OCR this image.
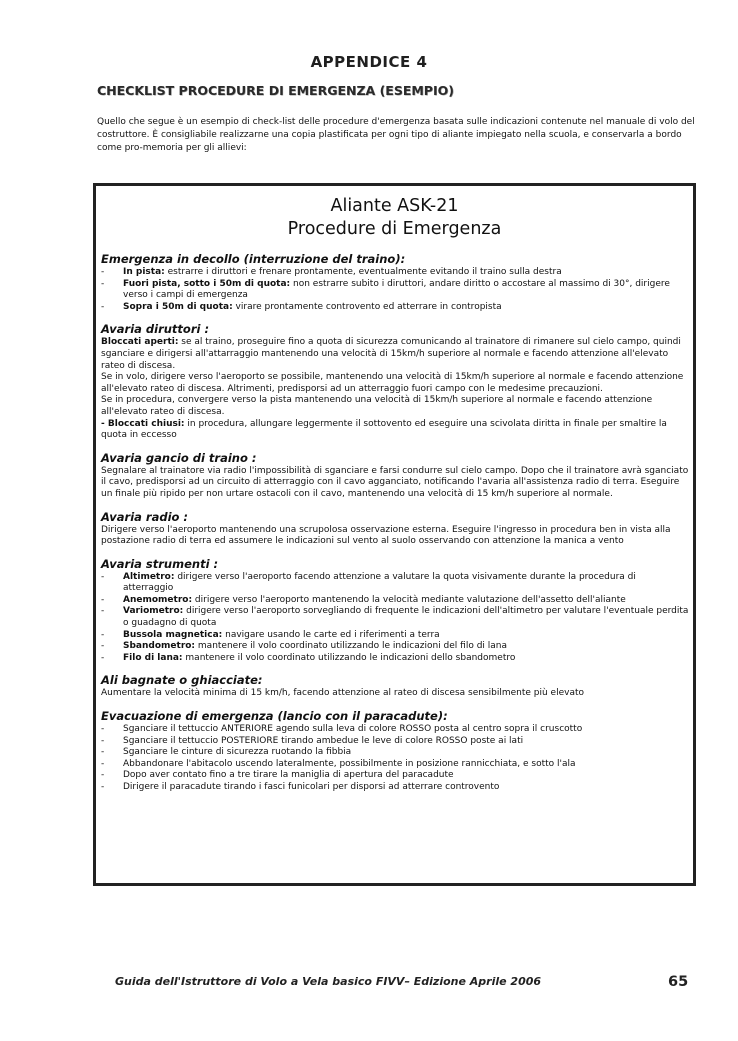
APPENDICE 4
CHECKLIST PROCEDURE DI EMERGENZA (ESEMPIO)
Quello che segue è un esempio di check-list delle procedure d'emergenza basata sulle indicazioni contenute nel manuale di volo del costruttore. È consigliabile realizzarne una copia plastificata per ogni tipo di aliante impiegato nella scuola, e conservarla a bordo come pro-memoria per gli allievi:
Aliante ASK-21
Procedure di Emergenza
Emergenza in decollo (interruzione del traino):
-	In pista: estrarre i diruttori e frenare prontamente, eventualmente evitando il traino sulla destra
-	Fuori pista, sotto i 50m di quota: non estrarre subito i diruttori, andare diritto o accostare al massimo di 30°, dirigere verso i campi di emergenza
-	Sopra i 50m di quota: virare prontamente controvento ed atterrare in contropista
Avaria diruttori :

Bloccati aperti: se al traino, proseguire fino a quota di sicurezza comunicando al trainatore di rimanere sul cielo campo, quindi sganciare e dirigersi all'attarraggio mantenendo una velocità di 15km/h superiore al normale e facendo attenzione all'elevato rateo di discesa.

Se in volo, dirigere verso l'aeroporto se possibile, mantenendo una velocità di 15km/h superiore al normale e facendo attenzione all'elevato rateo di discesa. Altrimenti, predisporsi ad un atterraggio fuori campo con le medesime precauzioni.

Se in procedura, convergere verso la pista mantenendo una velocità di 15km/h superiore al normale e facendo attenzione all'elevato rateo di discesa.

- Bloccati chiusi: in procedura, allungare leggermente il sottovento ed eseguire una scivolata diritta in finale per smaltire la quota in eccesso

Avaria gancio di traino :

Segnalare al trainatore via radio l'impossibilità di sganciare e farsi condurre sul cielo campo. Dopo che il trainatore avrà sganciato il cavo, predisporsi ad un circuito di atterraggio con il cavo agganciato, notificando l'avaria all'assistenza radio di terra. Eseguire un finale più ripido per non urtare ostacoli con il cavo, mantenendo una velocità di 15 km/h superiore al normale.

Avaria radio :

Dirigere verso l'aeroporto mantenendo una scrupolosa osservazione esterna. Eseguire l'ingresso in procedura ben in vista alla postazione radio di terra ed assumere le indicazioni sul vento al suolo osservando con attenzione la manica a vento

Avaria strumenti :
-	Altimetro: dirigere verso l'aeroporto facendo attenzione a valutare la quota visivamente durante la procedura di atterraggio
-	Anemometro: dirigere verso l'aeroporto mantenendo la velocità mediante valutazione dell'assetto dell'aliante
-	Variometro: dirigere verso l'aeroporto sorvegliando di frequente le indicazioni dell'altimetro per valutare l'eventuale perdita o guadagno di quota
-	Bussola magnetica: navigare usando le carte ed i riferimenti a terra
-	Sbandometro: mantenere il volo coordinato utilizzando le indicazioni del filo di lana
-	Filo di lana: mantenere il volo coordinato utilizzando le indicazioni dello sbandometro
Ali bagnate o ghiacciate:

Aumentare la velocità minima di 15 km/h, facendo attenzione al rateo di discesa sensibilmente più elevato

Evacuazione di emergenza (lancio con il paracadute):
-	Sganciare il tettuccio ANTERIORE agendo sulla leva di colore ROSSO posta al centro sopra il cruscotto
-	Sganciare il tettuccio POSTERIORE tirando ambedue le leve di colore ROSSO poste ai lati
-	Sganciare le cinture di sicurezza ruotando la fibbia
-	Abbandonare l'abitacolo uscendo lateralmente, possibilmente in posizione rannicchiata, e sotto l'ala
-	Dopo aver contato fino a tre tirare la maniglia di apertura del paracadute
-	Dirigere il paracadute tirando i fasci funicolari per disporsi ad atterrare controvento
Guida dell'Istruttore di Volo a Vela basico FIVV– Edizione Aprile 2006	65
